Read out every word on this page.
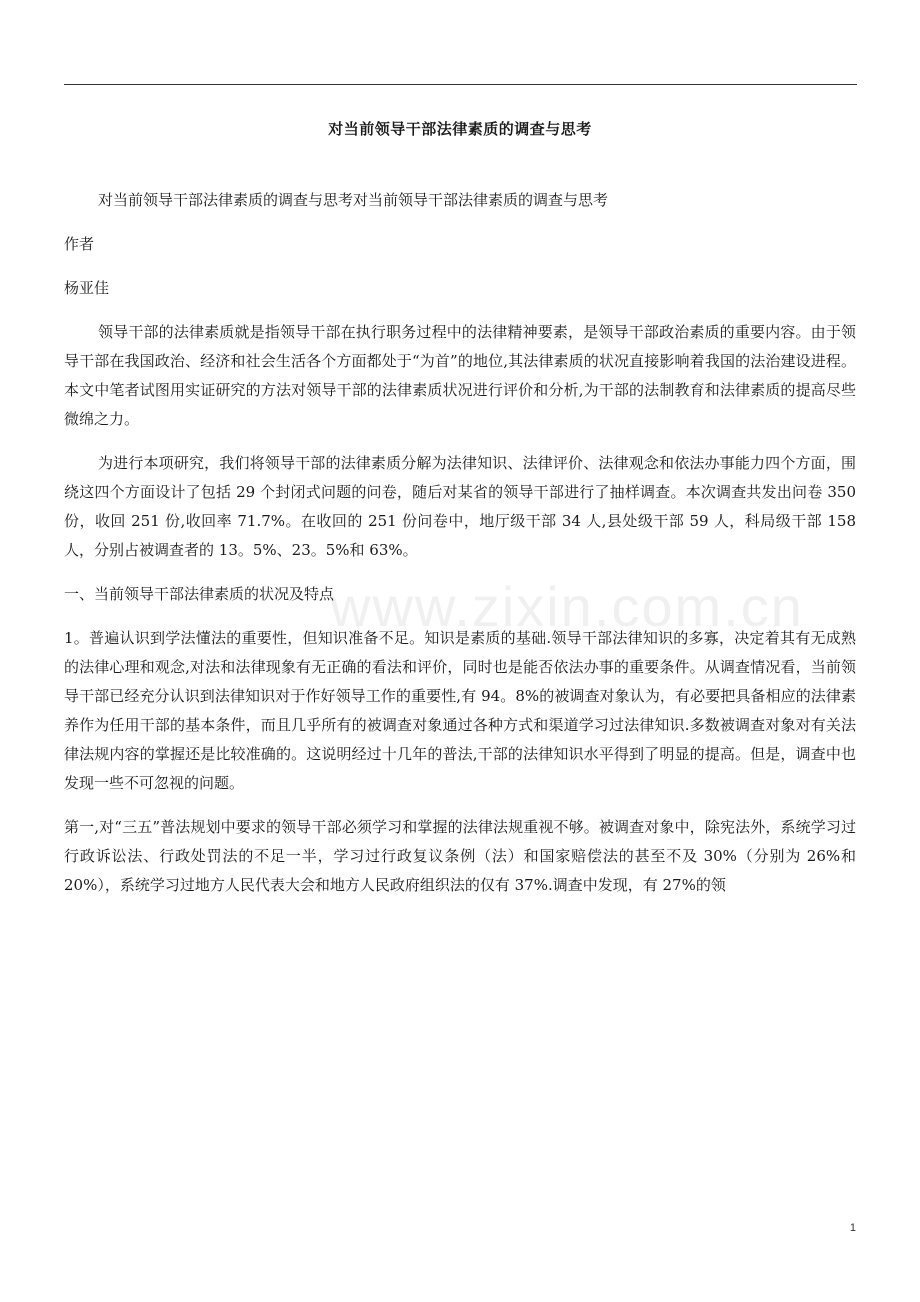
www.zixin.com.cn
对当前领导干部法律素质的调查与思考

对当前领导干部法律素质的调查与思考对当前领导干部法律素质的调查与思考

作者

杨亚佳

领导干部的法律素质就是指领导干部在执行职务过程中的法律精神要素，是领导干部政治素质的重要内容。由于领导干部在我国政治、经济和社会生活各个方面都处于“为首”的地位,其法律素质的状况直接影响着我国的法治建设进程。本文中笔者试图用实证研究的方法对领导干部的法律素质状况进行评价和分析,为干部的法制教育和法律素质的提高尽些微绵之力。

为进行本项研究，我们将领导干部的法律素质分解为法律知识、法律评价、法律观念和依法办事能力四个方面，围绕这四个方面设计了包括 29 个封闭式问题的问卷，随后对某省的领导干部进行了抽样调查。本次调查共发出问卷 350 份，收回 251 份,收回率 71.7%。在收回的 251 份问卷中，地厅级干部 34 人,县处级干部 59 人，科局级干部 158 人，分别占被调查者的 13。5%、23。5%和 63%。

一、当前领导干部法律素质的状况及特点

1。普遍认识到学法懂法的重要性，但知识准备不足。知识是素质的基础.领导干部法律知识的多寡，决定着其有无成熟的法律心理和观念,对法和法律现象有无正确的看法和评价，同时也是能否依法办事的重要条件。从调查情况看，当前领导干部已经充分认识到法律知识对于作好领导工作的重要性,有 94。8%的被调查对象认为，有必要把具备相应的法律素养作为任用干部的基本条件，而且几乎所有的被调查对象通过各种方式和渠道学习过法律知识.多数被调查对象对有关法律法规内容的掌握还是比较准确的。这说明经过十几年的普法,干部的法律知识水平得到了明显的提高。但是，调查中也发现一些不可忽视的问题。

第一,对“三五”普法规划中要求的领导干部必须学习和掌握的法律法规重视不够。被调查对象中，除宪法外，系统学习过行政诉讼法、行政处罚法的不足一半，学习过行政复议条例（法）和国家赔偿法的甚至不及 30%（分别为 26%和 20%），系统学习过地方人民代表大会和地方人民政府组织法的仅有 37%.调查中发现，有 27%的领

1
